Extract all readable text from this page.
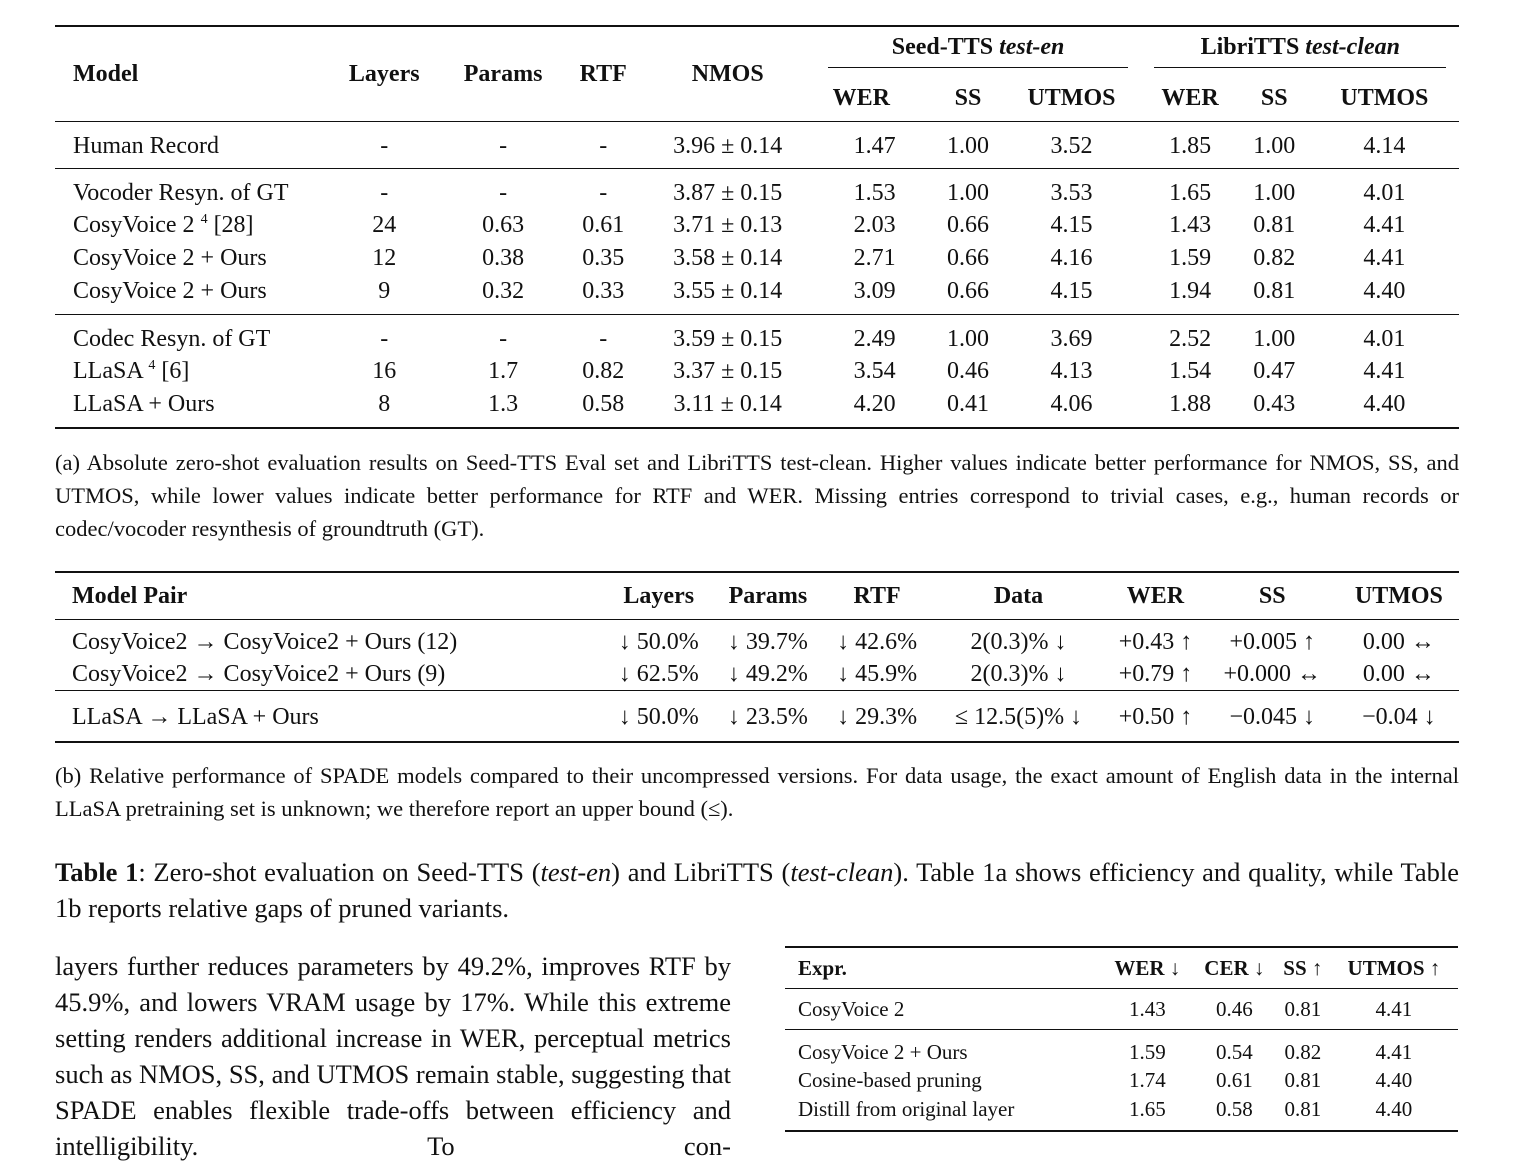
Model	Layers	Params	RTF	NMOS	Seed-TTS test-en			LibriTTS test-clean		
					WER	SS	UTMOS	WER	SS	UTMOS
Human Record	-	-	-	3.96 ± 0.14	1.47	1.00	3.52	1.85	1.00	4.14
Vocoder Resyn. of GT	-	-	-	3.87 ± 0.15	1.53	1.00	3.53	1.65	1.00	4.01
CosyVoice 2 $^4$ [28]	24	0.63	0.61	3.71 ± 0.13	2.03	0.66	4.15	1.43	0.81	4.41
CosyVoice 2 + Ours	12	0.38	0.35	3.58 ± 0.14	2.71	0.66	4.16	1.59	0.82	4.41
CosyVoice 2 + Ours	9	0.32	0.33	3.55 ± 0.14	3.09	0.66	4.15	1.94	0.81	4.40
Codec Resyn. of GT	-	-	-	3.59 ± 0.15	2.49	1.00	3.69	2.52	1.00	4.01
LLaSA $^4$ [6]	16	1.7	0.82	3.37 ± 0.15	3.54	0.46	4.13	1.54	0.47	4.41
LLaSA + Ours	8	1.3	0.58	3.11 ± 0.14	4.20	0.41	4.06	1.88	0.43	4.40
(a) Absolute zero-shot evaluation results on Seed-TTS Eval set and LibriTTS test-clean. Higher values indicate better performance for NMOS, SS, and UTMOS, while lower values indicate better performance for RTF and WER. Missing entries correspond to trivial cases, e.g., human records or codec/vocoder resynthesis of groundtruth (GT).
Model Pair	Layers	Params	RTF	Data	WER	SS	UTMOS
CosyVoice2 → CosyVoice2 + Ours (12)	↓ 50.0%	↓ 39.7%	↓ 42.6%	2(0.3)% ↓	+0.43 ↑	+0.005 ↑	0.00 ↔
CosyVoice2 → CosyVoice2 + Ours (9)	↓ 62.5%	↓ 49.2%	↓ 45.9%	2(0.3)% ↓	+0.79 ↑	+0.000 ↔	0.00 ↔
LLaSA → LLaSA + Ours	↓ 50.0%	↓ 23.5%	↓ 29.3%	≤ 12.5(5)% ↓	+0.50 ↑	−0.045 ↓	−0.04 ↓
(b) Relative performance of SPADE models compared to their uncompressed versions. For data usage, the exact amount of English data in the internal LLaSA pretraining set is unknown; we therefore report an upper bound (≤).
Table 1: Zero-shot evaluation on Seed-TTS (test-en) and LibriTTS (test-clean). Table 1a shows efficiency and quality, while Table 1b reports relative gaps of pruned variants.
layers further reduces parameters by 49.2%, improves RTF by 45.9%, and lowers VRAM usage by 17%. While this extreme setting renders additional increase in WER, perceptual metrics such as NMOS, SS, and UTMOS remain stable, suggesting that SPADE enables flexible trade-offs between efficiency and intelligibility. To con-
Expr.	WER ↓	CER ↓	SS ↑	UTMOS ↑
CosyVoice 2	1.43	0.46	0.81	4.41
CosyVoice 2 + Ours	1.59	0.54	0.82	4.41
Cosine-based pruning	1.74	0.61	0.81	4.40
Distill from original layer	1.65	0.58	0.81	4.40
